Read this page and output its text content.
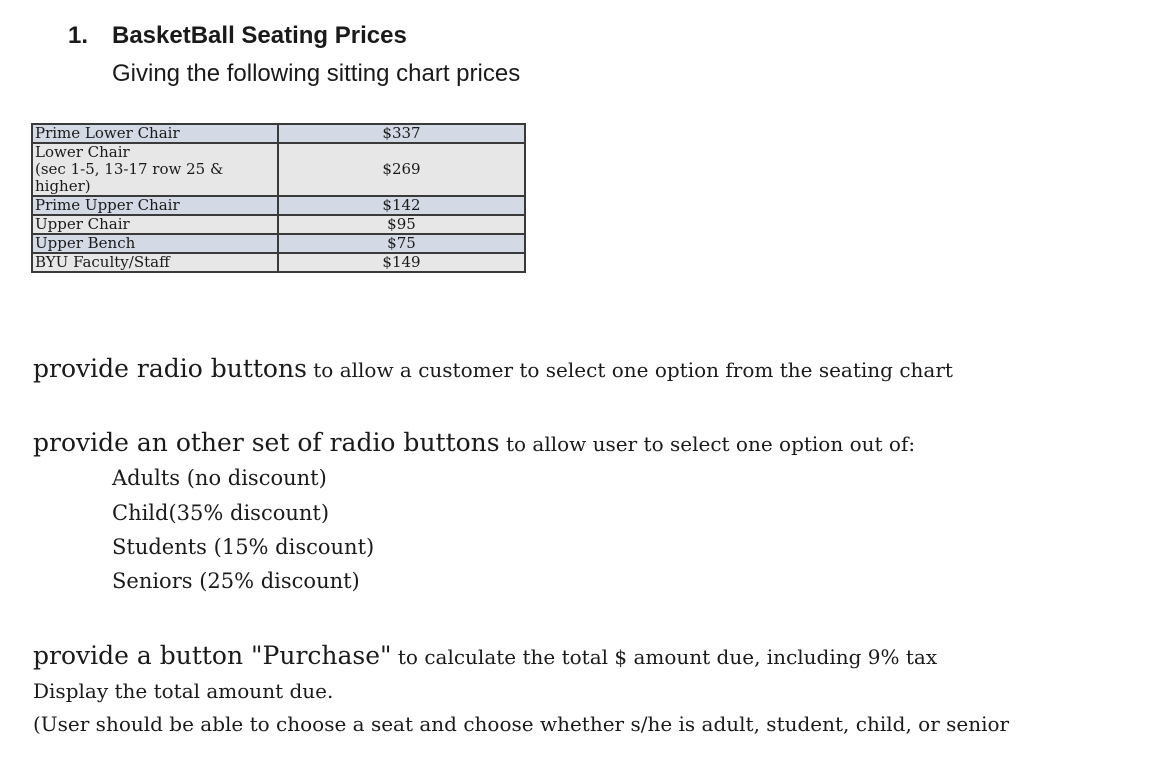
1. BasketBall Seating Prices
Giving the following sitting chart prices
Prime Lower Chair	$337

Lower Chair
(sec 1-5, 13-17 row 25 &
higher)	$269
Prime Upper Chair	$142
Upper Chair	$95
Upper Bench	$75
BYU Faculty/Staff	$149
provide radio buttons to allow a customer to select one option from the seating chart
provide an other set of radio buttons to allow user to select one option out of:
Adults (no discount)
Child(35% discount)
Students (15% discount)
Seniors (25% discount)
provide a button "Purchase" to calculate the total $ amount due, including 9% tax
Display the total amount due.
(User should be able to choose a seat and choose whether s/he is adult, student, child, or senior
